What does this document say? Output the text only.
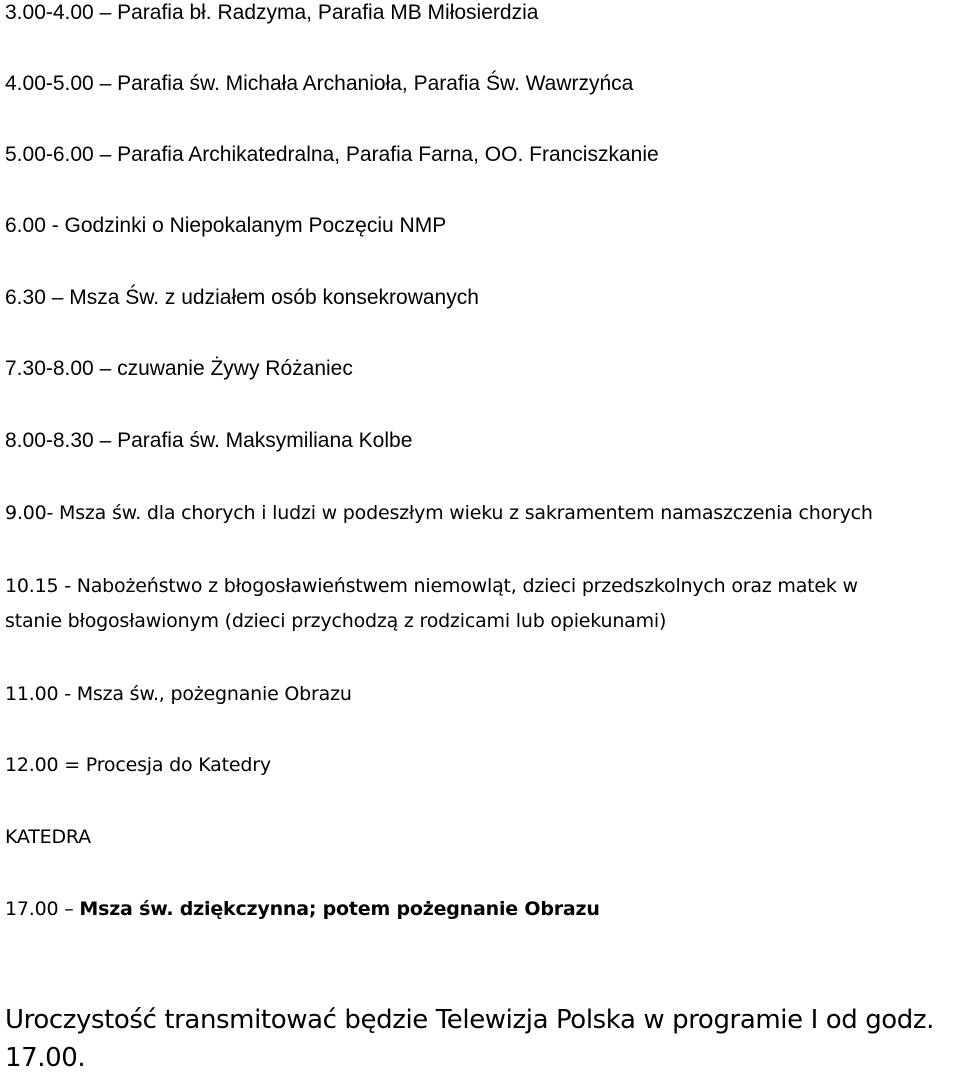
3.00-4.00 – Parafia bł. Radzyma, Parafia MB Miłosierdzia
4.00-5.00 – Parafia św. Michała Archanioła, Parafia Św. Wawrzyńca
5.00-6.00 – Parafia Archikatedralna, Parafia Farna, OO. Franciszkanie
6.00 - Godzinki o Niepokalanym Poczęciu NMP
6.30 – Msza Św. z udziałem osób konsekrowanych
7.30-8.00 – czuwanie Żywy Różaniec
8.00-8.30 – Parafia św. Maksymiliana Kolbe
9.00- Msza św. dla chorych i ludzi w podeszłym wieku z sakramentem namaszczenia chorych
10.15 - Nabożeństwo z błogosławieństwem niemowląt, dzieci przedszkolnych oraz matek w
stanie błogosławionym (dzieci przychodzą z rodzicami lub opiekunami)
11.00 - Msza św., pożegnanie Obrazu
12.00 = Procesja do Katedry
KATEDRA
17.00 – Msza św. dziękczynna; potem pożegnanie Obrazu
Uroczystość transmitować będzie Telewizja Polska w programie I od godz.
17.00.
